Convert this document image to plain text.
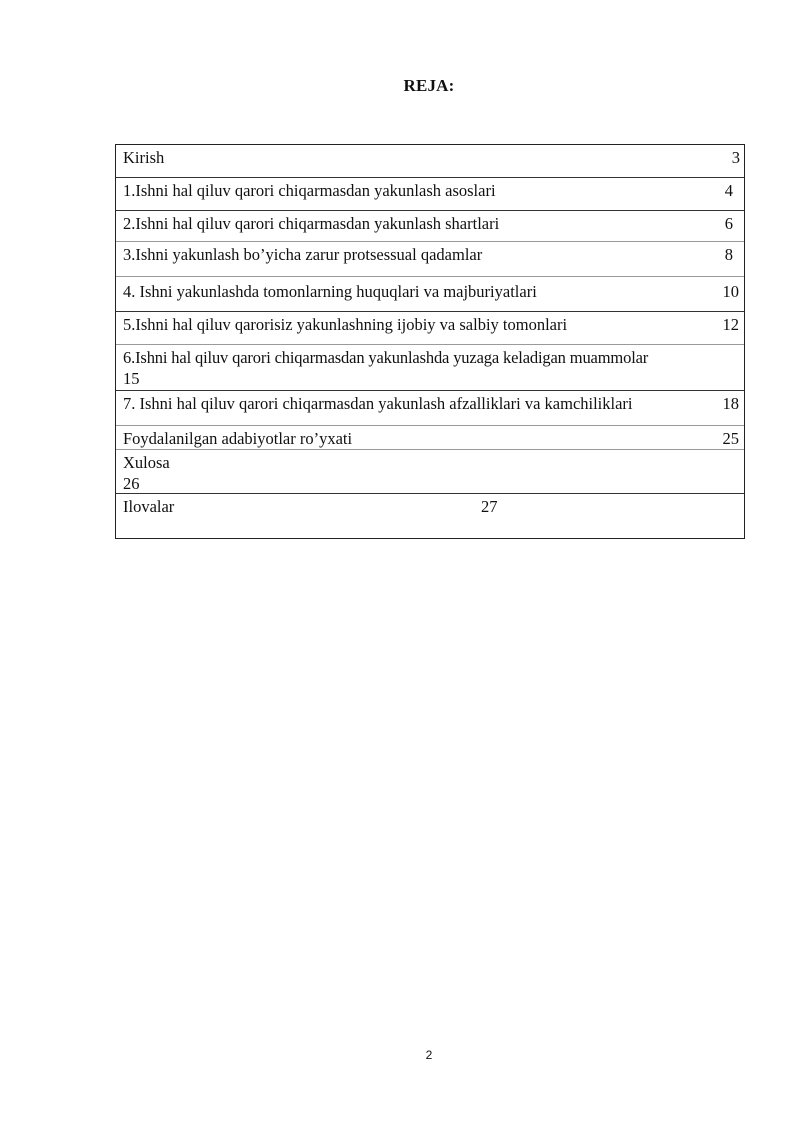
REJA:
Kirish	3
1.Ishni hal qiluv qarori chiqarmasdan yakunlash asoslari	4
2.Ishni hal qiluv qarori chiqarmasdan yakunlash shartlari	6
3.Ishni yakunlash bo’yicha zarur protsessual qadamlar	8
4. Ishni yakunlashda tomonlarning huquqlari va majburiyatlari	10
5.Ishni hal qiluv qarorisiz yakunlashning ijobiy va salbiy tomonlari	12
6.Ishni hal qiluv qarori chiqarmasdan yakunlashda yuzaga keladigan muammolar
15
7. Ishni hal qiluv qarori chiqarmasdan yakunlash afzalliklari va kamchiliklari	18
Foydalanilgan adabiyotlar ro’yxati	25
Xulosa
26
Ilovalar	27
2
